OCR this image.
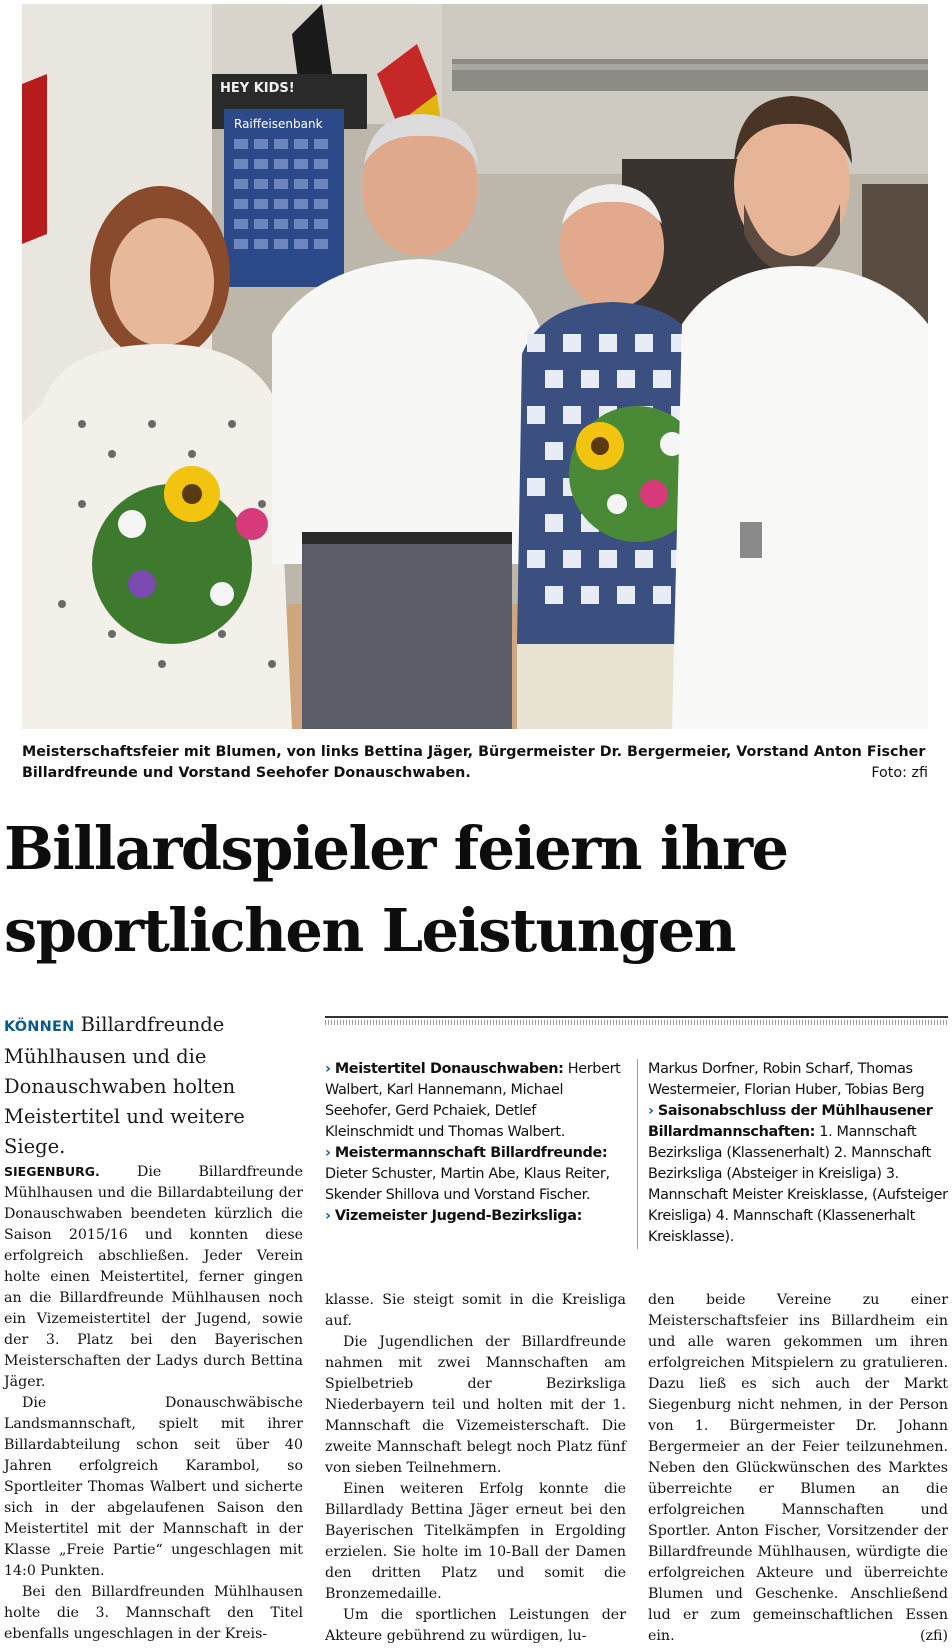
HEY KIDS!
Raiffeisenbank
Meisterschaftsfeier mit Blumen, von links Bettina Jäger, Bürgermeister Dr. Bergermeier, Vorstand Anton Fischer Billardfreunde und Vorstand Seehofer Donauschwaben.	Foto: zfi
Billardspieler feiern ihre
sportlichen Leistungen
KÖNNEN Billardfreunde Mühlhausen und die Donauschwaben holten Meistertitel und weitere Siege.

SIEGENBURG.	Die Billardfreunde Mühlhausen und die Billardabteilung der Donauschwaben beendeten kürzlich die Saison 2015/16 und konnten diese erfolgreich abschließen. Jeder Verein holte einen Meistertitel, ferner gingen an die Billardfreunde Mühlhausen noch ein Vizemeistertitel der Jugend, sowie der 3. Platz bei den Bayerischen Meisterschaften der Ladys durch Bettina Jäger.

Die Donauschwäbische Landsmannschaft, spielt mit ihrer Billardabteilung schon seit über 40 Jahren erfolgreich Karambol, so Sportleiter Thomas Walbert und sicherte sich in der abgelaufenen Saison den Meistertitel mit der Mannschaft in der Klasse „Freie Partie“ ungeschlagen mit 14:0 Punkten.

Bei den Billardfreunden Mühlhausen holte die 3. Mannschaft den Titel ebenfalls ungeschlagen in der Kreis-

› Meistertitel Donauschwaben: Herbert Walbert, Karl Hannemann, Michael Seehofer, Gerd Pchaiek, Detlef Kleinschmidt und Thomas Walbert.
› Meistermannschaft Billardfreunde: Dieter Schuster, Martin Abe, Klaus Reiter, Skender Shillova und Vorstand Fischer.
› Vizemeister Jugend-Bezirksliga:
Markus Dorfner, Robin Scharf, Thomas Westermeier, Florian Huber, Tobias Berg
› Saisonabschluss der Mühlhausener Billardmannschaften: 1. Mannschaft Bezirksliga (Klassenerhalt) 2. Mannschaft Bezirksliga (Absteiger in Kreisliga) 3. Mannschaft Meister Kreisklasse, (Aufsteiger Kreisliga) 4. Mannschaft (Klassenerhalt Kreisklasse).

klasse. Sie steigt somit in die Kreisliga auf.

Die Jugendlichen der Billardfreunde nahmen mit zwei Mannschaften am Spielbetrieb der Bezirksliga Niederbayern teil und holten mit der 1. Mannschaft die Vizemeisterschaft. Die zweite Mannschaft belegt noch Platz fünf von sieben Teilnehmern.

Einen weiteren Erfolg konnte die Billardlady Bettina Jäger erneut bei den Bayerischen Titelkämpfen in Ergolding erzielen. Sie holte im 10-Ball der Damen den dritten Platz und somit die Bronzemedaille.

Um die sportlichen Leistungen der Akteure gebührend zu würdigen, lu-

den beide Vereine zu einer Meisterschaftsfeier ins Billardheim ein und alle waren gekommen um ihren erfolgreichen Mitspielern zu gratulieren. Dazu ließ es sich auch der Markt Siegenburg nicht nehmen, in der Person von 1. Bürgermeister Dr. Johann Bergermeier an der Feier teilzunehmen. Neben den Glückwünschen des Marktes überreichte er Blumen an die erfolgreichen Mannschaften und Sportler. Anton Fischer, Vorsitzender der Billardfreunde Mühlhausen, würdigte die erfolgreichen Akteure und überreichte Blumen und Geschenke. Anschließend lud er zum gemeinschaftlichen Essen ein.	(zfi)
